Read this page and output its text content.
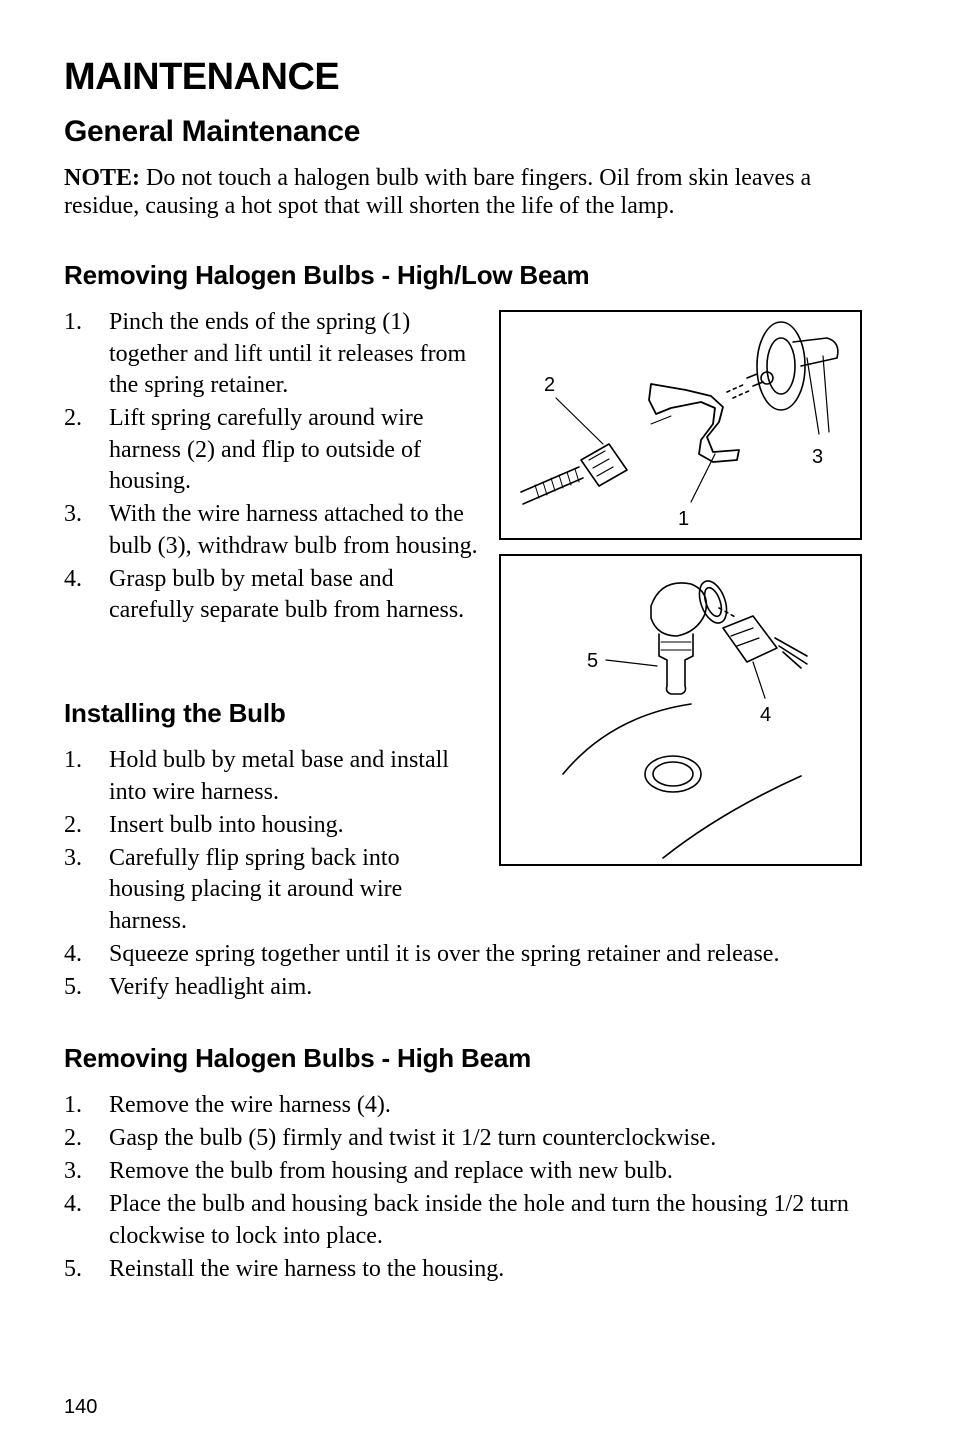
MAINTENANCE
General Maintenance
NOTE: Do not touch a halogen bulb with bare fingers. Oil from skin leaves a residue, causing a hot spot that will shorten the life of the lamp.
Removing Halogen Bulbs - High/Low Beam
1. Pinch the ends of the spring (1) together and lift until it releases from the spring retainer.
2. Lift spring carefully around wire harness (2) and flip to outside of housing.
3. With the wire harness attached to the bulb (3), withdraw bulb from housing.
4. Grasp bulb by metal base and carefully separate bulb from harness.
Installing the Bulb
1. Hold bulb by metal base and install into wire harness.
2. Insert bulb into housing.
3. Carefully flip spring back into housing placing it around wire harness.
4. Squeeze spring together until it is over the spring retainer and release.
5. Verify headlight aim.
Removing Halogen Bulbs - High Beam
1. Remove the wire harness (4).
2. Gasp the bulb (5) firmly and twist it 1/2 turn counterclockwise.
3. Remove the bulb from housing and replace with new bulb.
4. Place the bulb and housing back inside the hole and turn the housing 1/2 turn clockwise to lock into place.
5. Reinstall the wire harness to the housing.
2
3
1
5
4
140
